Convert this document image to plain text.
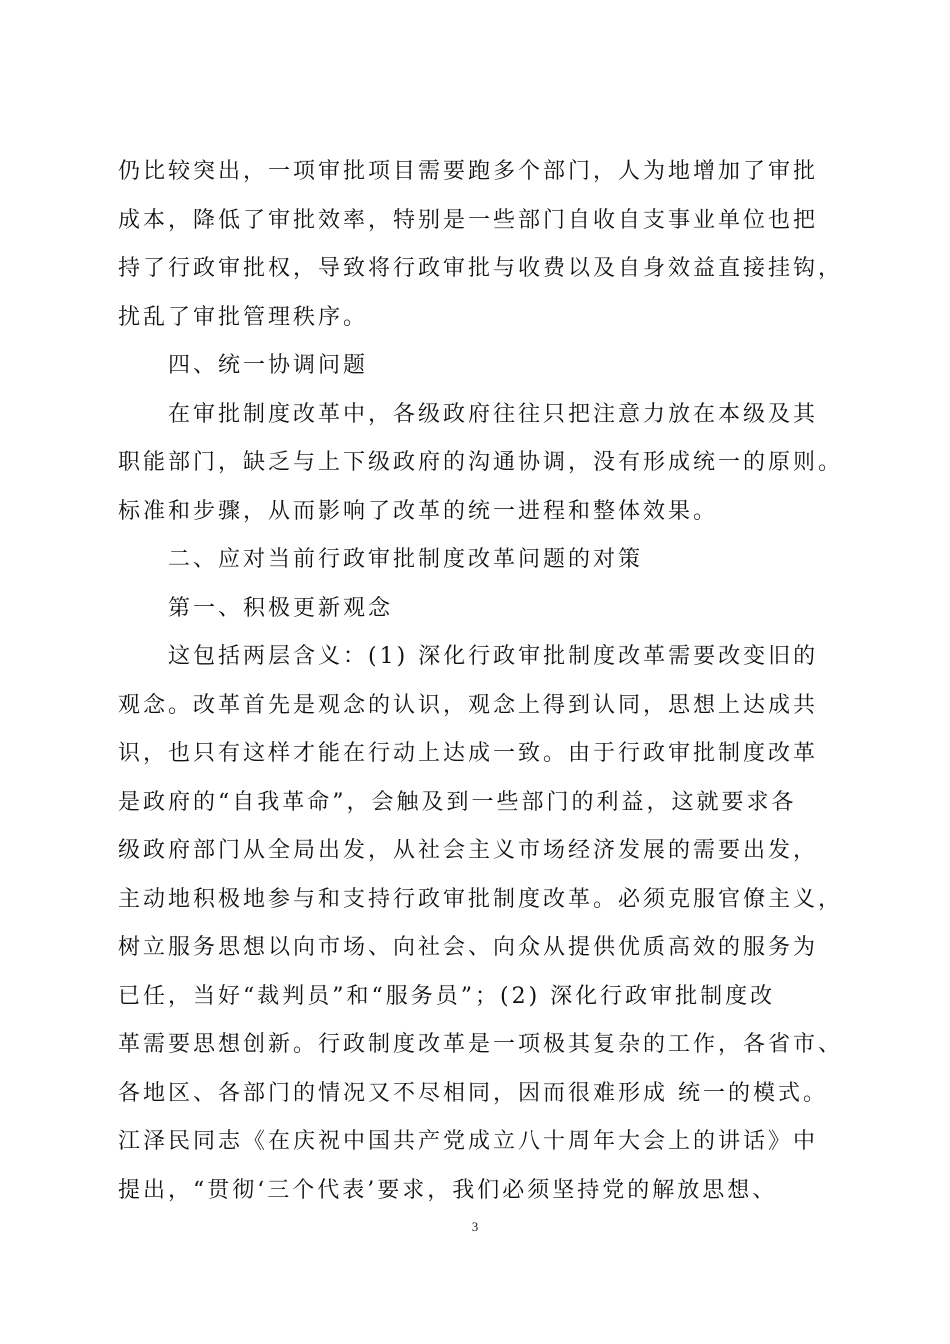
仍比较突出，一项审批项目需要跑多个部门，人为地增加了审批
成本，降低了审批效率，特别是一些部门自收自支事业单位也把
持了行政审批权，导致将行政审批与收费以及自身效益直接挂钩，
扰乱了审批管理秩序。
四、统一协调问题
在审批制度改革中，各级政府往往只把注意力放在本级及其
职能部门，缺乏与上下级政府的沟通协调，没有形成统一的原则。
标准和步骤，从而影响了改革的统一进程和整体效果。
二、应对当前行政审批制度改革问题的对策
第一、积极更新观念
这包括两层含义：(1) 深化行政审批制度改革需要改变旧的
观念。改革首先是观念的认识，观念上得到认同，思想上达成共
识，也只有这样才能在行动上达成一致。由于行政审批制度改革
是政府的“自我革命”，会触及到一些部门的利益，这就要求各
级政府部门从全局出发，从社会主义市场经济发展的需要出发，
主动地积极地参与和支持行政审批制度改革。必须克服官僚主义，
树立服务思想以向市场、向社会、向众从提供优质高效的服务为
已任，当好“裁判员”和“服务员”；(2) 深化行政审批制度改
革需要思想创新。行政制度改革是一项极其复杂的工作，各省市、
各地区、各部门的情况又不尽相同，因而很难形成 统一的模式。
江泽民同志《在庆祝中国共产党成立八十周年大会上的讲话》中
提出，“贯彻‘三个代表’要求，我们必须坚持党的解放思想、
3
